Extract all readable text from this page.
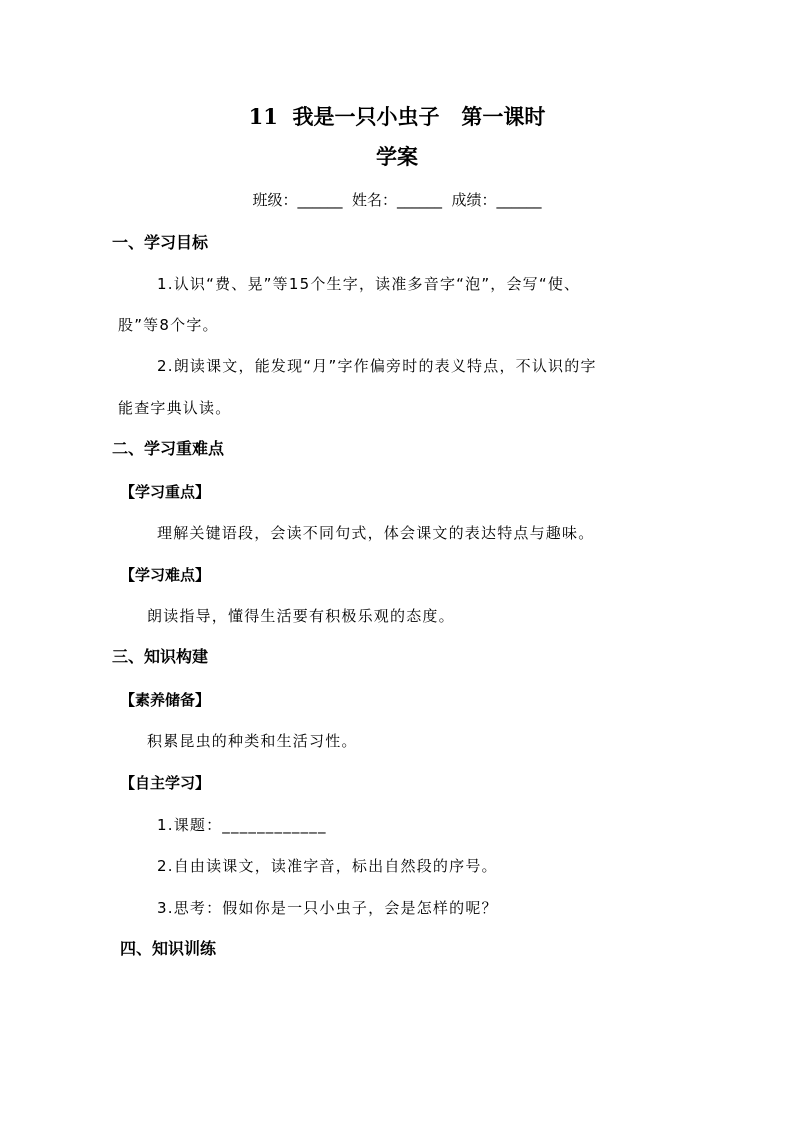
11  我是一只小虫子   第一课时
学案
班级：______  姓名：______  成绩：______
一、学习目标
1.认识“费、晃”等15个生字，读准多音字“泡”，会写“使、
股”等8个字。
2.朗读课文，能发现“月”字作偏旁时的表义特点，不认识的字
能查字典认读。
二、学习重难点
【学习重点】
理解关键语段，会读不同句式，体会课文的表达特点与趣味。
【学习难点】
朗读指导，懂得生活要有积极乐观的态度。
三、知识构建
【素养储备】
积累昆虫的种类和生活习性。
【自主学习】
1.课题：____________
2.自由读课文，读准字音，标出自然段的序号。
3.思考：假如你是一只小虫子，会是怎样的呢？
四、知识训练
